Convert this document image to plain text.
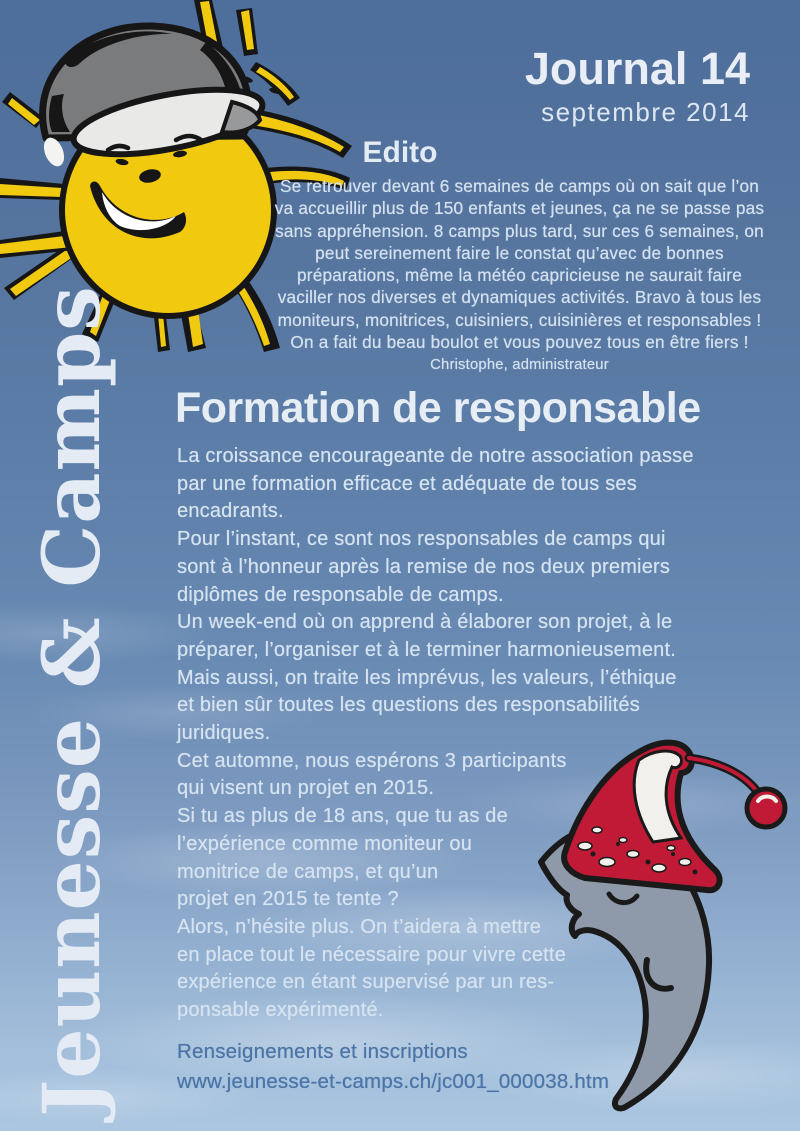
Jeunesse & Camps
Journal 14
septembre 2014
Edito
Se retrouver devant 6 semaines de camps où on sait que l’on
va accueillir plus de 150 enfants et jeunes, ça ne se passe pas
sans appréhension. 8 camps plus tard, sur ces 6 semaines, on
peut sereinement faire le constat qu’avec de bonnes
préparations, même la météo capricieuse ne saurait faire
vaciller nos diverses et dynamiques activités. Bravo à tous les
moniteurs, monitrices, cuisiniers, cuisinières et responsables !
On a fait du beau boulot et vous pouvez tous en être fiers !
Christophe, administrateur
Formation de responsable
La croissance encourageante de notre association passe
par une formation efficace et adéquate de tous ses
encadrants.
Pour l’instant, ce sont nos responsables de camps qui
sont à l’honneur après la remise de nos deux premiers
diplômes de responsable de camps.
Un week-end où on apprend à élaborer son projet, à le
préparer, l’organiser et à le terminer harmonieusement.
Mais aussi, on traite les imprévus, les valeurs, l’éthique
et bien sûr toutes les questions des responsabilités
juridiques.
Cet automne, nous espérons 3 participants
qui visent un projet en 2015.
Si tu as plus de 18 ans, que tu as de
l’expérience comme moniteur ou
monitrice de camps, et qu’un
projet en 2015 te tente ?
Alors, n’hésite plus. On t’aidera à mettre
en place tout le nécessaire pour vivre cette
expérience en étant supervisé par un res-
ponsable expérimenté.
Renseignements et inscriptions
www.jeunesse-et-camps.ch/jc001_000038.htm
